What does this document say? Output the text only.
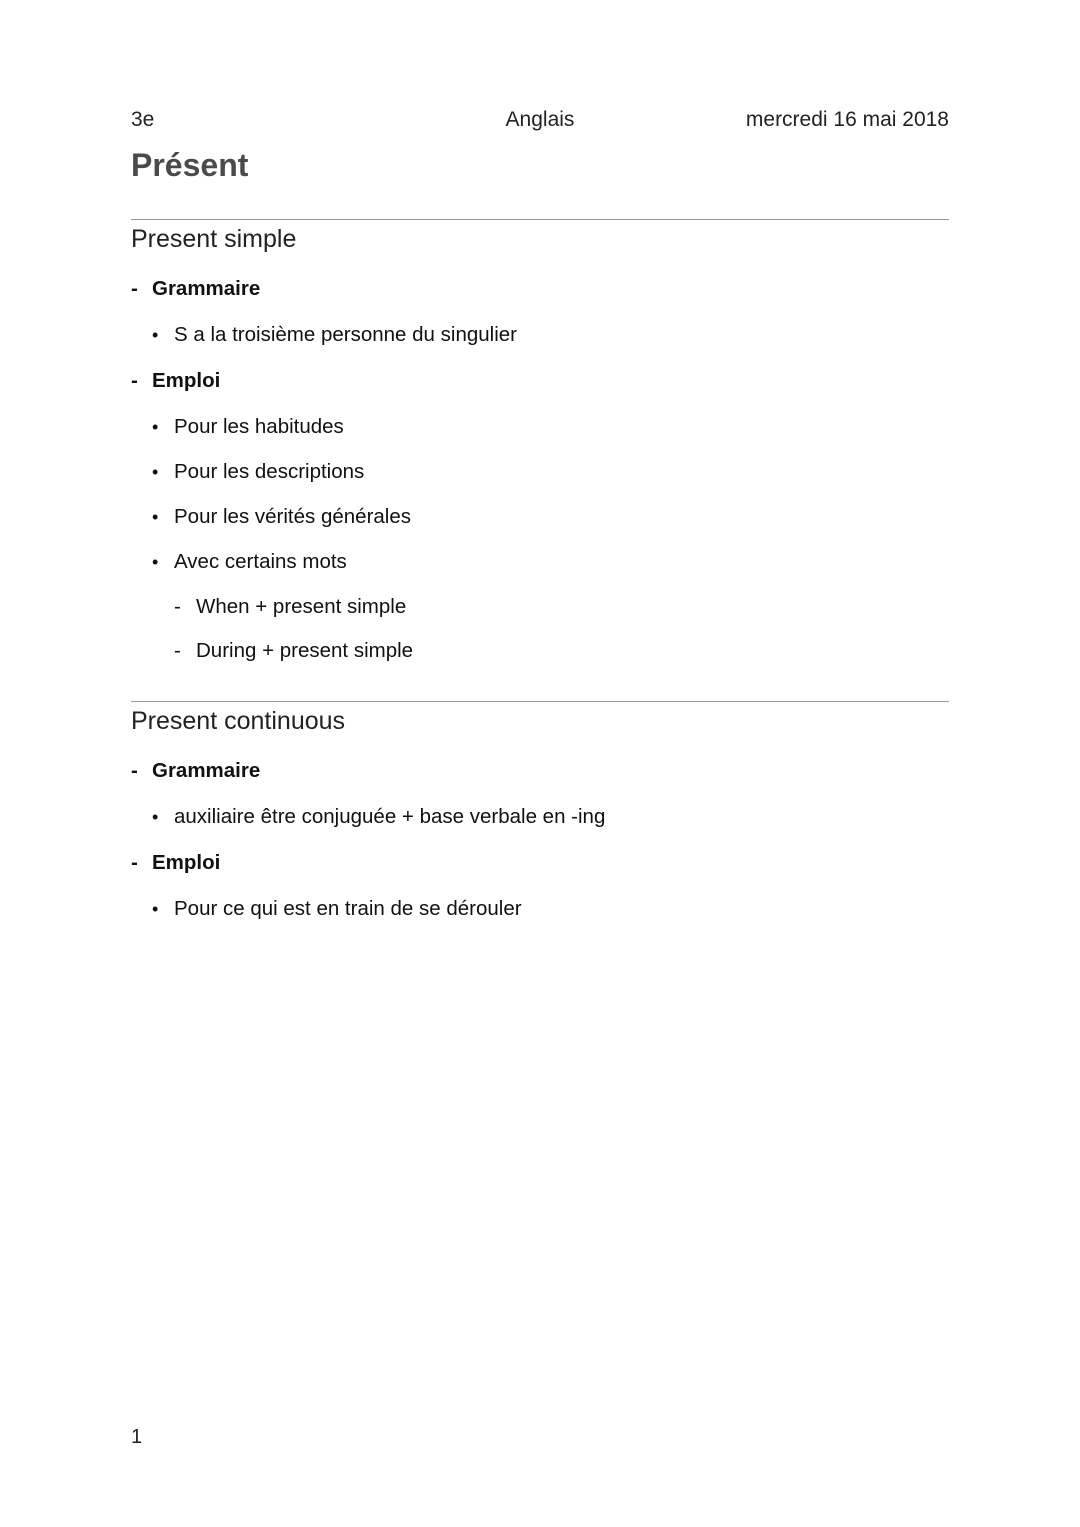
3e	Anglais	mercredi 16 mai 2018
Présent
Present simple
- Grammaire
• S a la troisième personne du singulier
- Emploi
• Pour les habitudes
• Pour les descriptions
• Pour les vérités générales
• Avec certains mots
- When + present simple
- During + present simple
Present continuous
- Grammaire
• auxiliaire être conjuguée + base verbale en -ing
- Emploi
• Pour ce qui est en train de se dérouler
1
